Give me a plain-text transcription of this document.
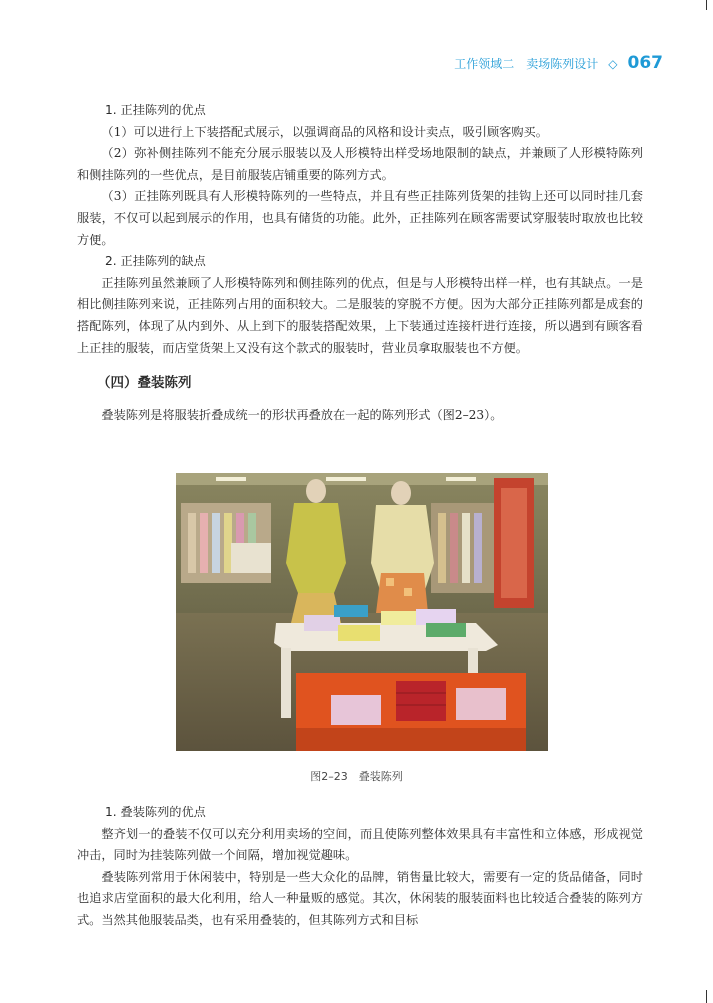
工作领域二　卖场陈列设计 ◇ 067
1. 正挂陈列的优点

（1）可以进行上下装搭配式展示，以强调商品的风格和设计卖点，吸引顾客购买。

（2）弥补侧挂陈列不能充分展示服装以及人形模特出样受场地限制的缺点，并兼顾了人形模特陈列和侧挂陈列的一些优点，是目前服装店铺重要的陈列方式。

（3）正挂陈列既具有人形模特陈列的一些特点，并且有些正挂陈列货架的挂钩上还可以同时挂几套服装，不仅可以起到展示的作用，也具有储货的功能。此外，正挂陈列在顾客需要试穿服装时取放也比较方便。

2. 正挂陈列的缺点

正挂陈列虽然兼顾了人形模特陈列和侧挂陈列的优点，但是与人形模特出样一样，也有其缺点。一是相比侧挂陈列来说，正挂陈列占用的面积较大。二是服装的穿脱不方便。因为大部分正挂陈列都是成套的搭配陈列，体现了从内到外、从上到下的服装搭配效果，上下装通过连接杆进行连接，所以遇到有顾客看上正挂的服装，而店堂货架上又没有这个款式的服装时，营业员拿取服装也不方便。

（四）叠装陈列

叠装陈列是将服装折叠成统一的形状再叠放在一起的陈列形式（图2–23）。

图2–23　叠装陈列
1. 叠装陈列的优点

整齐划一的叠装不仅可以充分利用卖场的空间，而且使陈列整体效果具有丰富性和立体感，形成视觉冲击，同时为挂装陈列做一个间隔，增加视觉趣味。

叠装陈列常用于休闲装中，特别是一些大众化的品牌，销售量比较大，需要有一定的货品储备，同时也追求店堂面积的最大化利用，给人一种量贩的感觉。其次，休闲装的服装面料也比较适合叠装的陈列方式。当然其他服装品类，也有采用叠装的，但其陈列方式和目标
